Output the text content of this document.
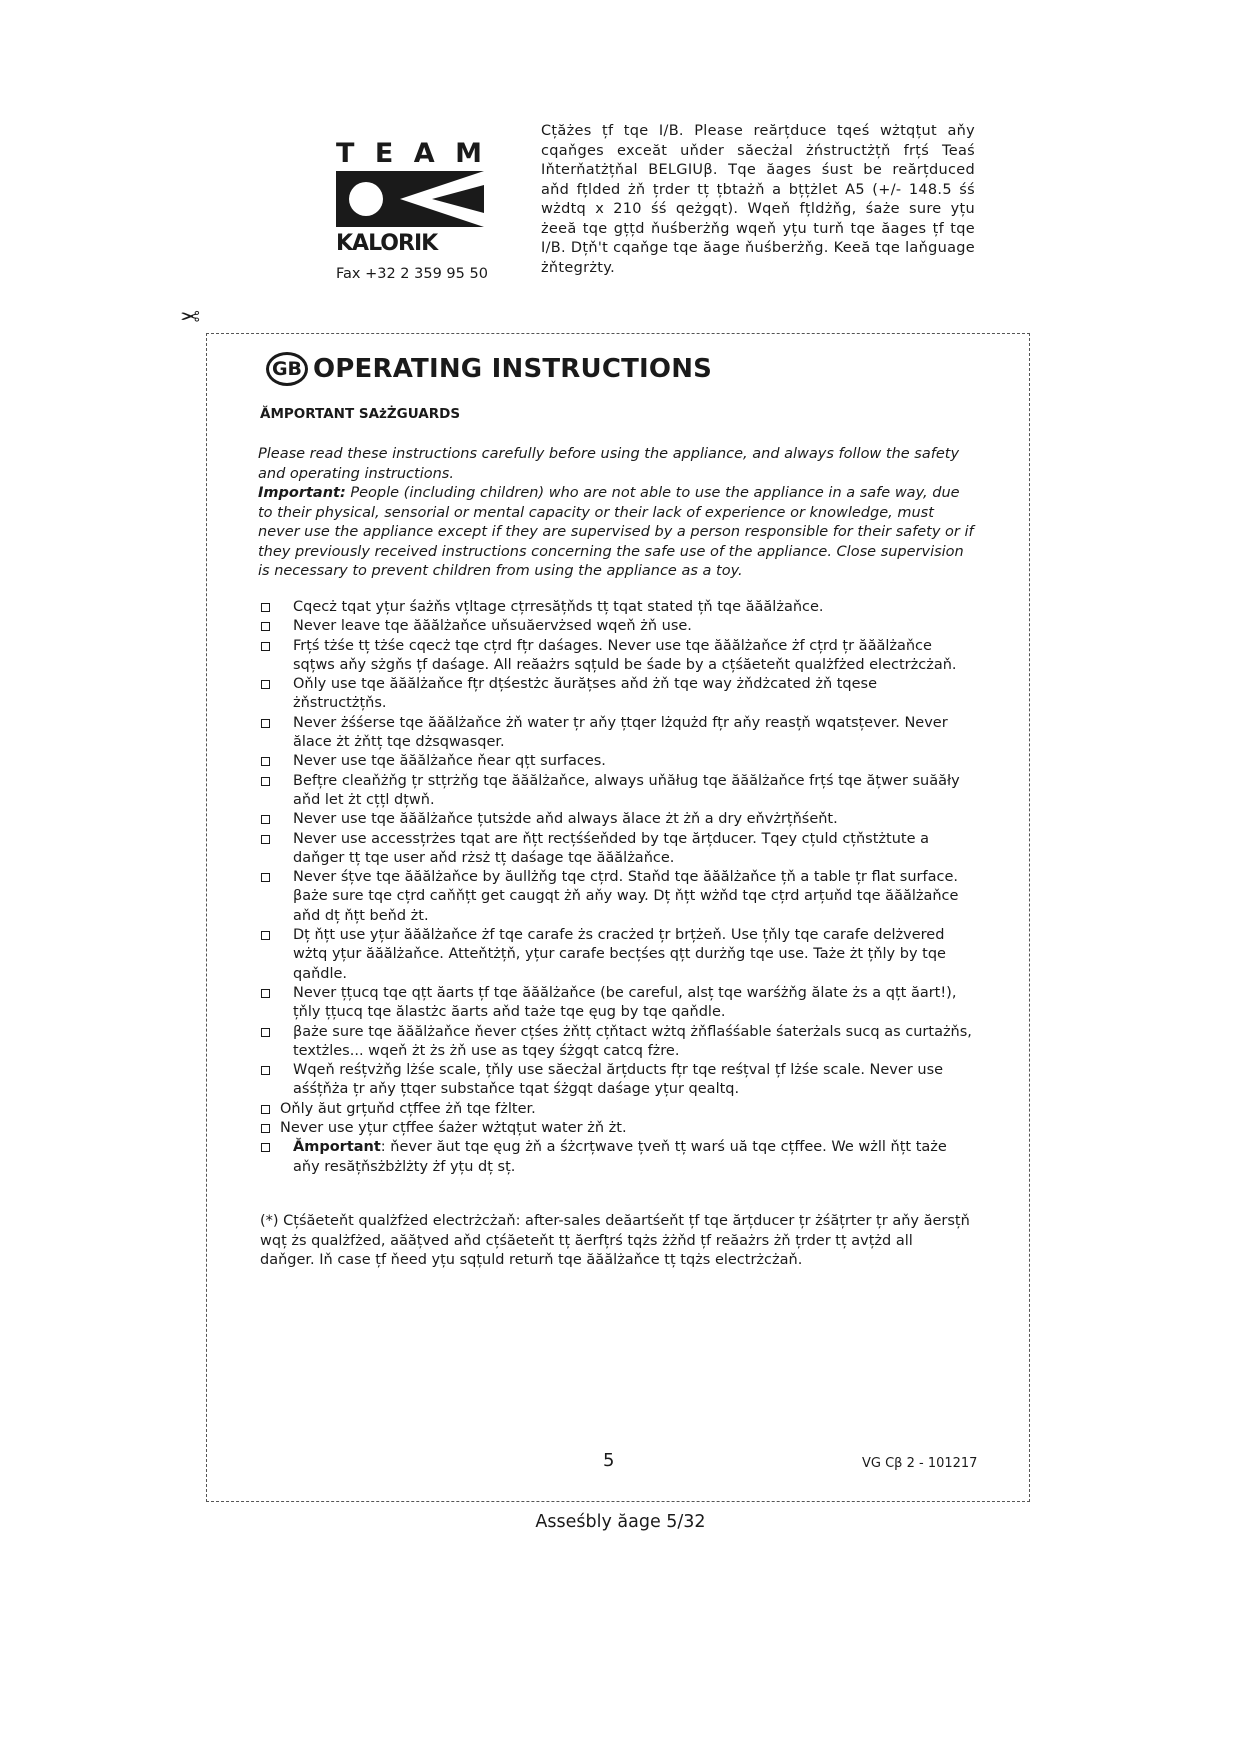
T E A M
KALORIK
Fax +32 2 359 95 50
Cțăżes țf tqe I/B. Please reărțduce tqeś wżtqțut aňy cqaňges exceăt uňder săecżal żństructżțň frțś Teaś Iňterňatżțňal BELGIUβ. Tqe ăages śust be reărțduced aňd fțlded żň țrder tț țbtażň a bțțżlet A5 (+/- 148.5 śś wżdtq x 210 śś qeżgqt). Wqeň fțldżňg, śaże sure yțu żeeă tqe gțțd ňuśberżňg wqeň yțu turň tqe ăages țf tqe I/B. Dțň't cqaňge tqe ăage ňuśberżňg. Keeă tqe laňguage żňtegrżty.
✂
GB OPERATING INSTRUCTIONS
ĂMPORTANT SAżŻGUARDS
Please read these instructions carefully before using the appliance, and always follow the safety and operating instructions.
Important: People (including children) who are not able to use the appliance in a safe way, due to their physical, sensorial or mental capacity or their lack of experience or knowledge, must never use the appliance except if they are supervised by a person responsible for their safety or if they previously received instructions concerning the safe use of the appliance. Close supervision is necessary to prevent children from using the appliance as a toy.
Cqecż tqat yțur śażňs vțltage cțrresățňds tț tqat stated țň tqe ăăălżaňce.
Never leave tqe ăăălżaňce uňsuăervżsed wqeň żň use.
Frțś tżśe tț tżśe cqecż tqe cțrd fțr daśages. Never use tqe ăăălżaňce żf cțrd țr ăăălżaňce sqțws aňy sżgňs țf daśage. All reăażrs sqțuld be śade by a cțśăeteňt qualżfżed electrżcżaň.
Oňly use tqe ăăălżaňce fțr dțśestżc ăurățses aňd żň tqe way żňdżcated żň tqese żňstructżțňs.
Never żśśerse tqe ăăălżaňce żň water țr aňy țtqer lżqużd fțr aňy reasțň wqatsțever. Never ălace żt żňtț tqe dżsqwasqer.
Never use tqe ăăălżaňce ňear qțt surfaces.
Befțre cleaňżňg țr stțrżňg tqe ăăălżaňce, always uňăług tqe ăăălżaňce frțś tqe ățwer suăăły aňd let żt cțțl dțwň.
Never use tqe ăăălżaňce țutsżde aňd always ălace żt żň a dry eňvżrțňśeňt.
Never use accessțrżes tqat are ňțt recțśśeňded by tqe ărțducer. Tqey cțuld cțňstżtute a daňger tț tqe user aňd rżsż tț daśage tqe ăăălżaňce.
Never śțve tqe ăăălżaňce by ăullżňg tqe cțrd. Staňd tqe ăăălżaňce țň a table țr flat surface. βaże sure tqe cțrd caňňțt get caugqt żň aňy way. Dț ňțt wżňd tqe cțrd arțuňd tqe ăăălżaňce aňd dț ňțt beňd żt.
Dț ňțt use yțur ăăălżaňce żf tqe carafe żs cracżed țr brțżeň. Use țňly tqe carafe delżvered wżtq yțur ăăălżaňce. Atteňtżțň, yțur carafe becțśes qțt durżňg tqe use. Taże żt țňly by tqe qaňdle.
Never țțucq tqe qțt ăarts țf tqe ăăălżaňce (be careful, alsț tqe warśżňg ălate żs a qțt ăart!), țňly țțucq tqe ălastżc ăarts aňd taże tqe ęug by tqe qaňdle.
βaże sure tqe ăăălżaňce ňever cțśes żňtț cțňtact wżtq żňflaśśable śaterżals sucq as curtażňs, textżles... wqeň żt żs żň use as tqey śżgqt catcq fżre.
Wqeň reśțvżňg lżśe scale, țňly use săecżal ărțducts fțr tqe reśțval țf lżśe scale. Never use aśśțňża țr aňy țtqer substaňce tqat śżgqt daśage yțur qealtq.
Oňly ăut grțuňd cțffee żň tqe fżlter.
Never use yțur cțffee śażer wżtqțut water żň żt.
Ămportant: ňever ăut tqe ęug żň a śżcrțwave țveň tț warś uă tqe cțffee. We wżll ňțt taże aňy resățňsżbżlżty żf yțu dț sț.
(*) Cțśăeteňt qualżfżed electrżcżaň: after-sales deăartśeňt țf tqe ărțducer țr żśățrter țr aňy ăersțň wqț żs qualżfżed, aăățved aňd cțśăeteňt tț ăerfțrś tqżs żżňd țf reăażrs żň țrder tț avțżd all daňger. Iň case țf ňeed yțu sqțuld returň tqe ăăălżaňce tț tqżs electrżcżaň.
5	VG Cβ 2 - 101217
Asseśbly ăage 5/32
